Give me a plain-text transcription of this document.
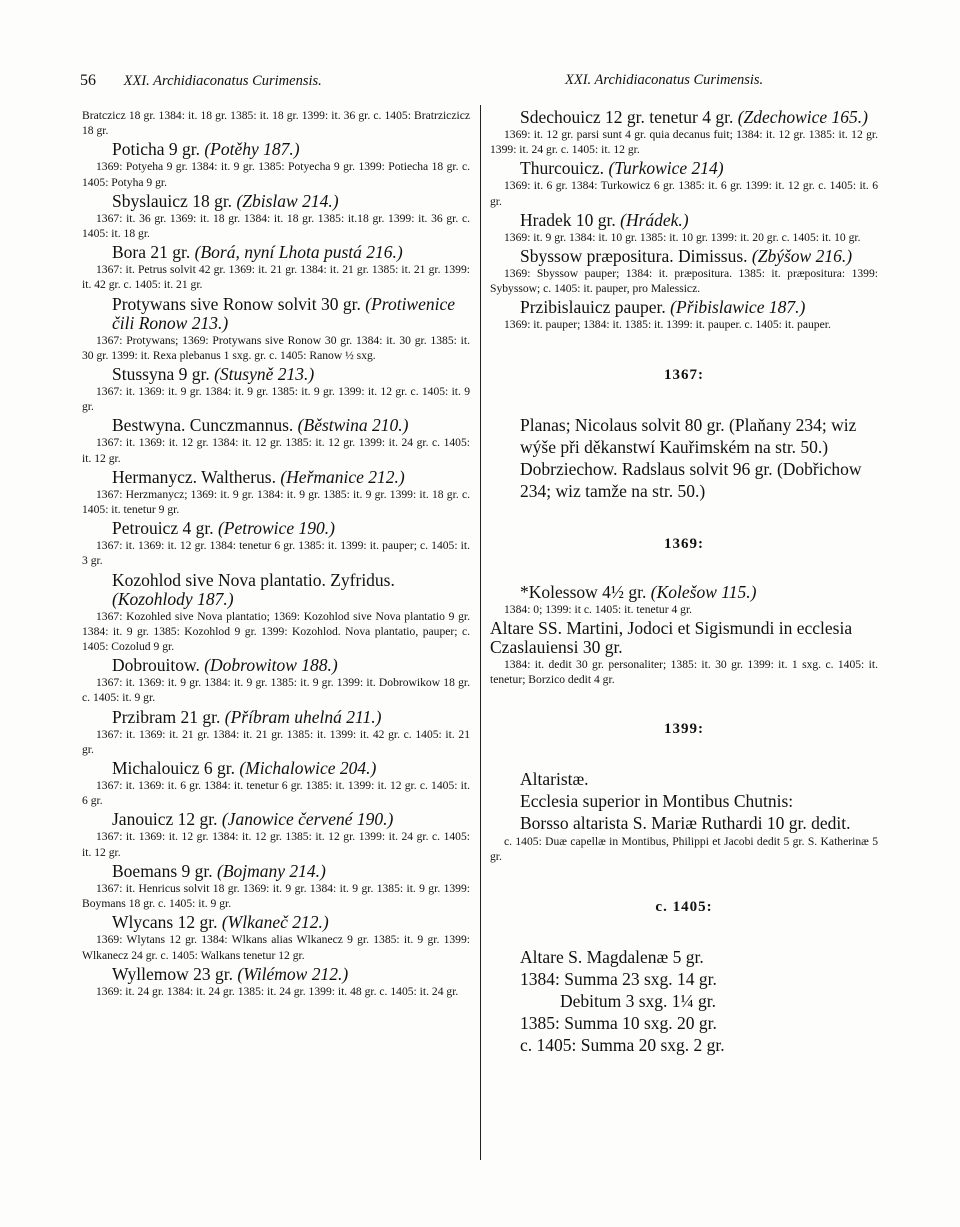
56 XXI. Archidiaconatus Curimensis.	XXI. Archidiaconatus Curimensis.

Bratczicz 18 gr. 1384: it. 18 gr. 1385: it. 18 gr. 1399: it. 36 gr. c. 1405: Bratrziczicz 18 gr.

Poticha 9 gr. (Potěhy 187.)

1369: Potyeha 9 gr. 1384: it. 9 gr. 1385: Potyecha 9 gr. 1399: Potiecha 18 gr. c. 1405: Potyha 9 gr.

Sbyslauicz 18 gr. (Zbislaw 214.)

1367: it. 36 gr. 1369: it. 18 gr. 1384: it. 18 gr. 1385: it.18 gr. 1399: it. 36 gr. c. 1405: it. 18 gr.

Bora 21 gr. (Borá, nyní Lhota pustá 216.)

1367: it. Petrus solvit 42 gr. 1369: it. 21 gr. 1384: it. 21 gr. 1385: it. 21 gr. 1399: it. 42 gr. c. 1405: it. 21 gr.

Protywans sive Ronow solvit 30 gr. (Protiwenice čili Ronow 213.)

1367: Protywans; 1369: Protywans sive Ronow 30 gr. 1384: it. 30 gr. 1385: it. 30 gr. 1399: it. Rexa plebanus 1 sxg. gr. c. 1405: Ranow ½ sxg.

Stussyna 9 gr. (Stusyně 213.)

1367: it. 1369: it. 9 gr. 1384: it. 9 gr. 1385: it. 9 gr. 1399: it. 12 gr. c. 1405: it. 9 gr.

Bestwyna. Cunczmannus. (Běstwina 210.)

1367: it. 1369: it. 12 gr. 1384: it. 12 gr. 1385: it. 12 gr. 1399: it. 24 gr. c. 1405: it. 12 gr.

Hermanycz. Waltherus. (Heřmanice 212.)

1367: Herzmanycz; 1369: it. 9 gr. 1384: it. 9 gr. 1385: it. 9 gr. 1399: it. 18 gr. c. 1405: it. tenetur 9 gr.

Petrouicz 4 gr. (Petrowice 190.)

1367: it. 1369: it. 12 gr. 1384: tenetur 6 gr. 1385: it. 1399: it. pauper; c. 1405: it. 3 gr.

Kozohlod sive Nova plantatio. Zyfridus. (Kozohlody 187.)

1367: Kozohled sive Nova plantatio; 1369: Kozohlod sive Nova plantatio 9 gr. 1384: it. 9 gr. 1385: Kozohlod 9 gr. 1399: Kozohlod. Nova plantatio, pauper; c. 1405: Cozolud 9 gr.

Dobrouitow. (Dobrowitow 188.)

1367: it. 1369: it. 9 gr. 1384: it. 9 gr. 1385: it. 9 gr. 1399: it. Dobrowikow 18 gr. c. 1405: it. 9 gr.

Przibram 21 gr. (Příbram uhelná 211.)

1367: it. 1369: it. 21 gr. 1384: it. 21 gr. 1385: it. 1399: it. 42 gr. c. 1405: it. 21 gr.

Michalouicz 6 gr. (Michalowice 204.)

1367: it. 1369: it. 6 gr. 1384: it. tenetur 6 gr. 1385: it. 1399: it. 12 gr. c. 1405: it. 6 gr.

Janouicz 12 gr. (Janowice červené 190.)

1367: it. 1369: it. 12 gr. 1384: it. 12 gr. 1385: it. 12 gr. 1399: it. 24 gr. c. 1405: it. 12 gr.

Boemans 9 gr. (Bojmany 214.)

1367: it. Henricus solvit 18 gr. 1369: it. 9 gr. 1384: it. 9 gr. 1385: it. 9 gr. 1399: Boymans 18 gr. c. 1405: it. 9 gr.

Wlycans 12 gr. (Wlkaneč 212.)

1369: Wlytans 12 gr. 1384: Wlkans alias Wlkanecz 9 gr. 1385: it. 9 gr. 1399: Wlkanecz 24 gr. c. 1405: Walkans tenetur 12 gr.

Wyllemow 23 gr. (Wilémow 212.)

1369: it. 24 gr. 1384: it. 24 gr. 1385: it. 24 gr. 1399: it. 48 gr. c. 1405: it. 24 gr.

Sdechouicz 12 gr. tenetur 4 gr. (Zdechowice 165.)

1369: it. 12 gr. parsi sunt 4 gr. quia decanus fuit; 1384: it. 12 gr. 1385: it. 12 gr. 1399: it. 24 gr. c. 1405: it. 12 gr.

Thurcouicz. (Turkowice 214)

1369: it. 6 gr. 1384: Turkowicz 6 gr. 1385: it. 6 gr. 1399: it. 12 gr. c. 1405: it. 6 gr.

Hradek 10 gr. (Hrádek.)

1369: it. 9 gr. 1384: it. 10 gr. 1385: it. 10 gr. 1399: it. 20 gr. c. 1405: it. 10 gr.

Sbyssow præpositura. Dimissus. (Zbýšow 216.)

1369: Sbyssow pauper; 1384: it. præpositura. 1385: it. præpositura: 1399: Sybyssow; c. 1405: it. pauper, pro Malessicz.

Przibislauicz pauper. (Přibislawice 187.)

1369: it. pauper; 1384: it. 1385: it. 1399: it. pauper. c. 1405: it. pauper.

1367:

Planas; Nicolaus solvit 80 gr. (Plaňany 234; wiz wýše při děkanstwí Kauřimském na str. 50.)

Dobrziechow. Radslaus solvit 96 gr. (Dobřichow 234; wiz tamže na str. 50.)

1369:

*Kolessow 4½ gr. (Kolešow 115.)

1384: 0; 1399: it c. 1405: it. tenetur 4 gr.

Altare SS. Martini, Jodoci et Sigismundi in ecclesia Czaslauiensi 30 gr.

1384: it. dedit 30 gr. personaliter; 1385: it. 30 gr. 1399: it. 1 sxg. c. 1405: it. tenetur; Borzico dedit 4 gr.

1399:

Altaristæ.

Ecclesia superior in Montibus Chutnis:

Borsso altarista S. Mariæ Ruthardi 10 gr. dedit.

c. 1405: Duæ capellæ in Montibus, Philippi et Jacobi dedit 5 gr. S. Katherinæ 5 gr.

c. 1405:

Altare S. Magdalenæ 5 gr.

1384: Summa 23 sxg. 14 gr.

Debitum 3 sxg. 1¼ gr.

1385: Summa 10 sxg. 20 gr.

c. 1405: Summa 20 sxg. 2 gr.
